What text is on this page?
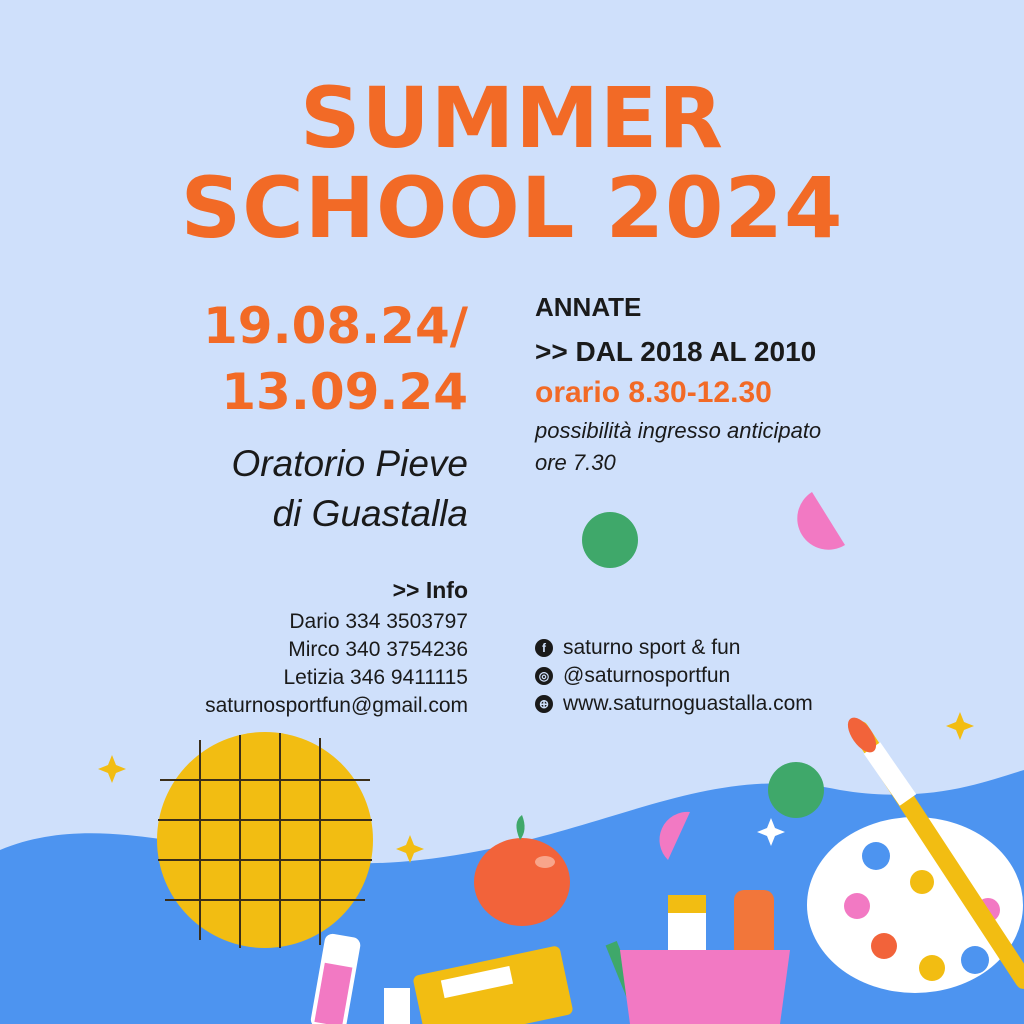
SUMMER
SCHOOL 2024
19.08.24/
13.09.24
Oratorio Pieve
di Guastalla
ANNATE
>> DAL 2018 AL 2010
orario 8.30-12.30
possibilità ingresso anticipato
ore 7.30
>> Info
Dario 334 3503797
Mirco 340 3754236
Letizia 346 9411115
saturnosportfun@gmail.com
f saturno sport & fun
◎ @saturnosportfun
⊕ www.saturnoguastalla.com
